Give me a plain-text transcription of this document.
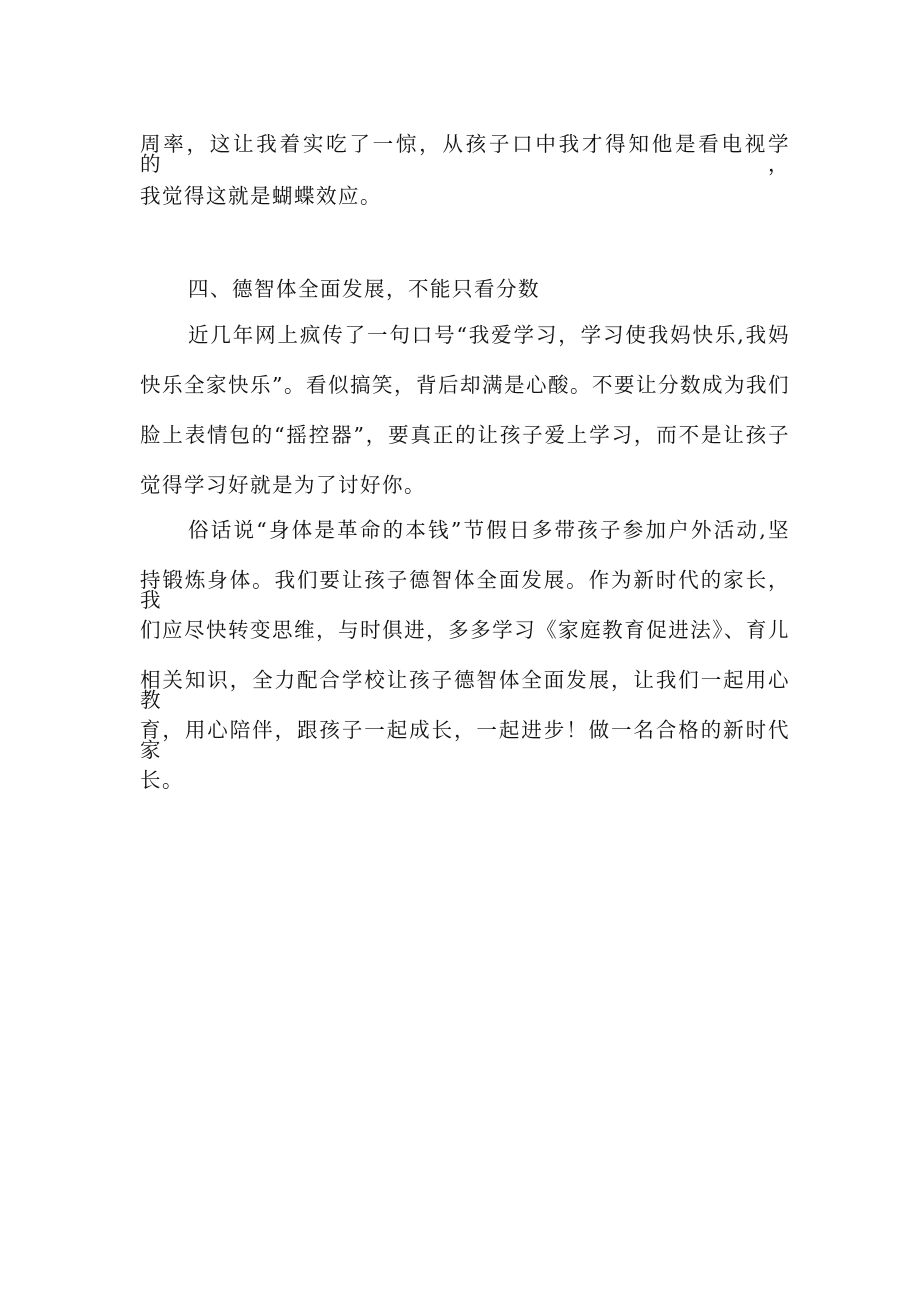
周率，这让我着实吃了一惊，从孩子口中我才得知他是看电视学的，
我觉得这就是蝴蝶效应。
四、德智体全面发展，不能只看分数
近几年网上疯传了一句口号“我爱学习，学习使我妈快乐,我妈
快乐全家快乐”。看似搞笑，背后却满是心酸。不要让分数成为我们
脸上表情包的“摇控器”，要真正的让孩子爱上学习，而不是让孩子
觉得学习好就是为了讨好你。
俗话说“身体是革命的本钱”节假日多带孩子参加户外活动,坚
持锻炼身体。我们要让孩子德智体全面发展。作为新时代的家长，我
们应尽快转变思维，与时俱进，多多学习《家庭教育促进法》、育儿
相关知识，全力配合学校让孩子德智体全面发展，让我们一起用心教
育，用心陪伴，跟孩子一起成长，一起进步！做一名合格的新时代家
长。
